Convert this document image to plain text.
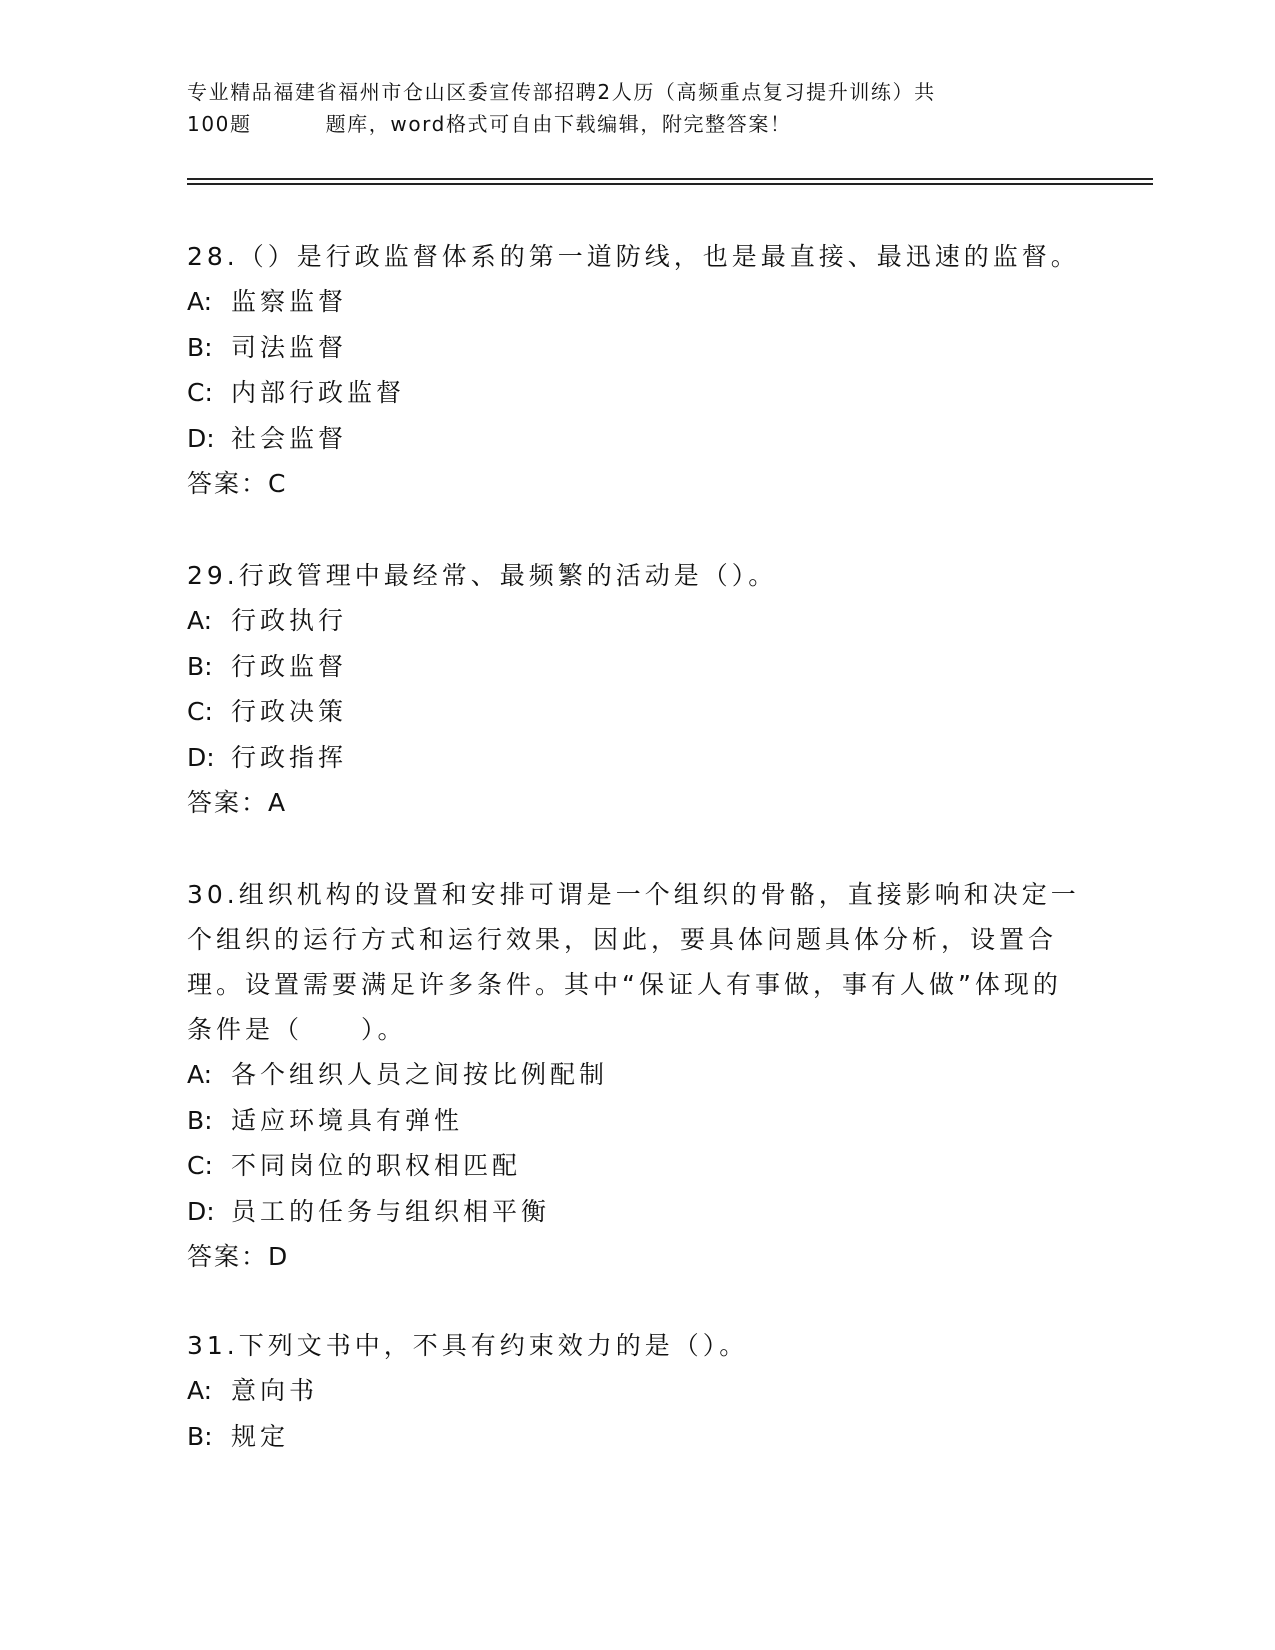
专业精品福建省福州市仓山区委宣传部招聘2人历（高频重点复习提升训练）共
100题	题库，word格式可自由下载编辑，附完整答案！

28.（）是行政监督体系的第一道防线，也是最直接、最迅速的监督。

A: 监察监督
B: 司法监督
C: 内部行政监督
D: 社会监督
答案：C

29.行政管理中最经常、最频繁的活动是（）。

A: 行政执行
B: 行政监督
C: 行政决策
D: 行政指挥
答案：A

30.组织机构的设置和安排可谓是一个组织的骨骼，直接影响和决定一个组织的运行方式和运行效果，因此，要具体问题具体分析，设置合理。设置需要满足许多条件。其中“保证人有事做，事有人做”体现的条件是（　　）。

A: 各个组织人员之间按比例配制
B: 适应环境具有弹性
C: 不同岗位的职权相匹配
D: 员工的任务与组织相平衡
答案：D

31.下列文书中，不具有约束效力的是（）。

A: 意向书
B: 规定
